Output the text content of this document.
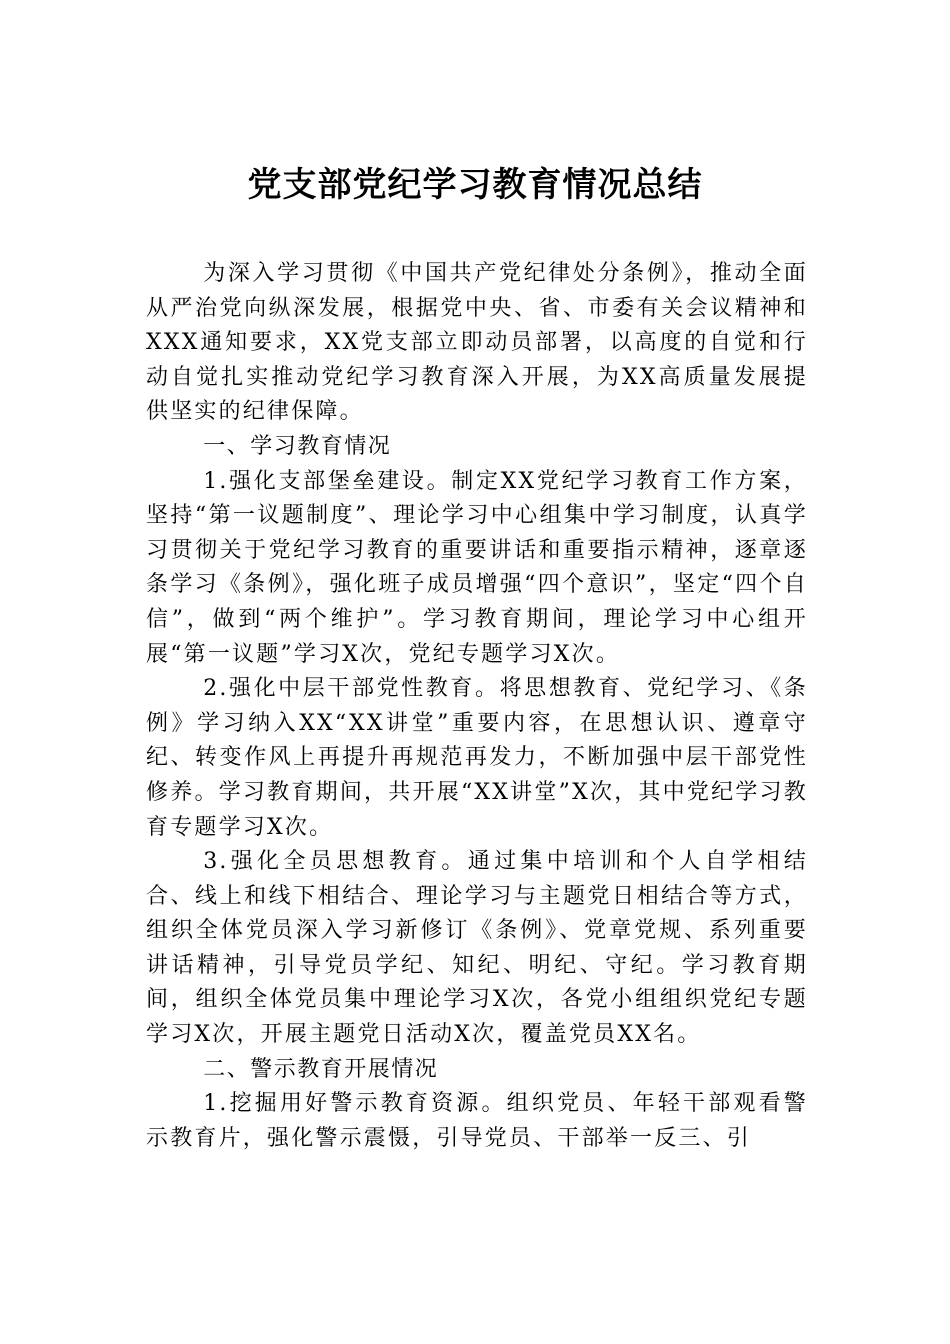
党支部党纪学习教育情况总结

为深入学习贯彻《中国共产党纪律处分条例》，推动全面从严治党向纵深发展，根据党中央、省、市委有关会议精神和XXX通知要求，XX党支部立即动员部署，以高度的自觉和行动自觉扎实推动党纪学习教育深入开展，为XX高质量发展提供坚实的纪律保障。

一、学习教育情况

1.强化支部堡垒建设。制定XX党纪学习教育工作方案，坚持“第一议题制度”、理论学习中心组集中学习制度，认真学习贯彻关于党纪学习教育的重要讲话和重要指示精神，逐章逐条学习《条例》，强化班子成员增强“四个意识”，坚定“四个自信”，做到“两个维护”。学习教育期间，理论学习中心组开展“第一议题”学习X次，党纪专题学习X次。

2.强化中层干部党性教育。将思想教育、党纪学习、《条例》学习纳入XX“XX讲堂”重要内容，在思想认识、遵章守纪、转变作风上再提升再规范再发力，不断加强中层干部党性修养。学习教育期间，共开展“XX讲堂”X次，其中党纪学习教育专题学习X次。

3.强化全员思想教育。通过集中培训和个人自学相结合、线上和线下相结合、理论学习与主题党日相结合等方式，组织全体党员深入学习新修订《条例》、党章党规、系列重要讲话精神，引导党员学纪、知纪、明纪、守纪。学习教育期间，组织全体党员集中理论学习X次，各党小组组织党纪专题学习X次，开展主题党日活动X次，覆盖党员XX名。

二、警示教育开展情况

1.挖掘用好警示教育资源。组织党员、年轻干部观看警示教育片，强化警示震慑，引导党员、干部举一反三、引
